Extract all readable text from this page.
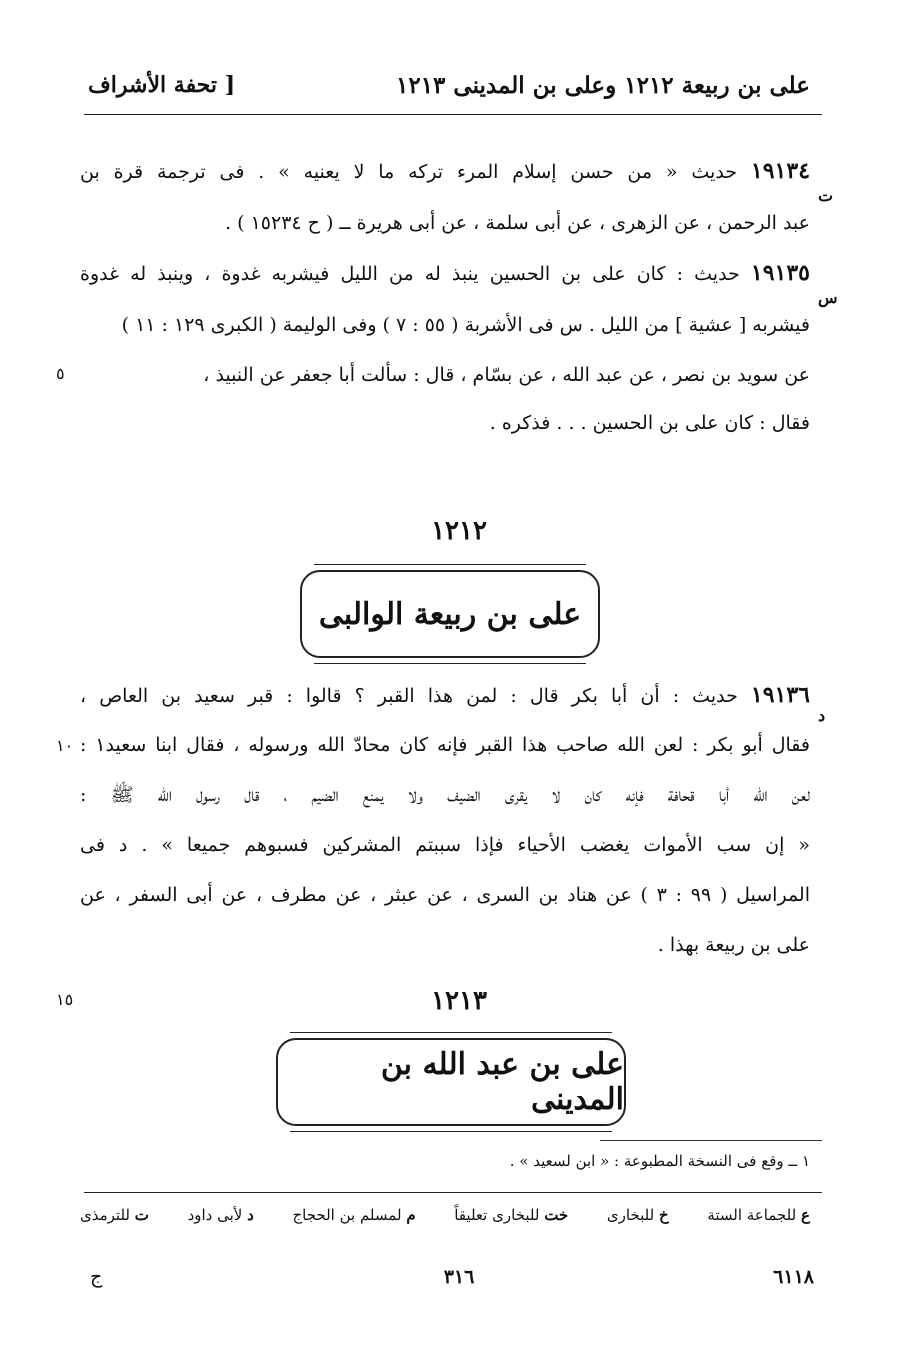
على بن ربيعة ١٢١٢ وعلى بن المدينى ١٢١٣
[ تحفة الأشراف
١٩١٣٤ حديث « من حسن إسلام المرء تركه ما لا يعنيه » . فى ترجمة قرة بن
ت
عبد الرحمن ، عن الزهرى ، عن أبى سلمة ، عن أبى هريرة ــ ( ح ١٥٢٣٤ ) .
١٩١٣٥ حديث : كان على بن الحسين ينبذ له من الليل فيشربه غدوة ، وينبذ له غدوة
س
فيشربه [ عشية ] من الليل . س فى الأشربة ( ٥٥ : ٧ ) وفى الوليمة ( الكبرى ١٢٩ : ١١ )
عن سويد بن نصر ، عن عبد الله ، عن بسّام ، قال : سألت أبا جعفر عن النبيذ ،
٥
فقال : كان على بن الحسين . . . فذكره .
١٢١٢
على بن ربيعة الوالبى
١٩١٣٦ حديث : أن أبا بكر قال : لمن هذا القبر ؟ قالوا : قبر سعيد بن العاص ،
د
فقال أبو بكر : لعن الله صاحب هذا القبر فإنه كان محادّ الله ورسوله ، فقال ابنا سعيد١ :
١٠
لعن الله أبا قحافة فإنه كان لا يقرى الضيف ولا يمنع الضيم ، قال رسول الله ﷺ :
« إن سب الأموات يغضب الأحياء فإذا سببتم المشركين فسبوهم جميعا » . د فى
المراسيل ( ٩٩ : ٣ ) عن هناد بن السرى ، عن عبثر ، عن مطرف ، عن أبى السفر ، عن
على بن ربيعة بهذا .
١٥	١٢١٣
على بن عبد الله بن المدينى
١ ــ وقع فى النسخة المطبوعة : « ابن لسعيد » .
ع للجماعة الستة
خ للبخارى
خت للبخارى تعليقاً
م لمسلم بن الحجاج
د لأبى داود
ت للترمذى
٦١١٨
٣١٦
ج
